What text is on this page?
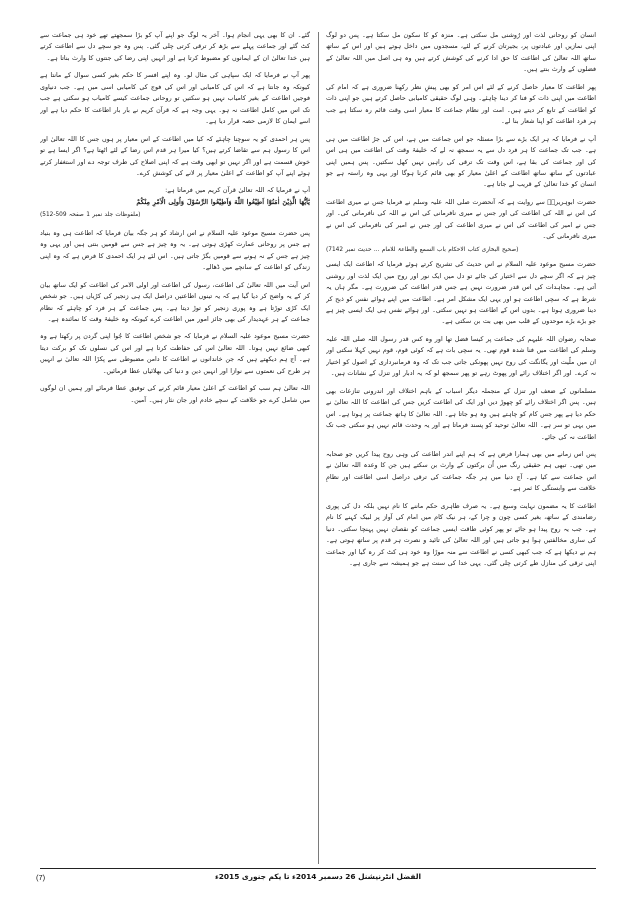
انسان کو روحانی لذت اور رُوشنی مل سکتی ہے۔ منزہ کو کا سکون مل سکتا ہے۔ پس دو لوگ اپنی نمازیں اور عبادتوں پر، بجیرتان کرنے کے لئے، مسجدوں میں داخل ہوتے ہیں اور اس کے ساتھ ساتھ اللہ تعالیٰ کی اطاعت کا حق ادا کرنے کی کوشش کرتے ہیں وہ ہی اصل میں اللہ تعالیٰ کے فضلوں کے وارث بنتے ہیں۔

پھر اطاعت کا معیار حاصل کرنے کے لئے اس امر کو بھی پیشِ نظر رکھنا ضروری ہے کہ امام کی اطاعت میں اپنی ذات کو فنا کر دینا چاہئے۔ وہی لوگ حقیقی کامیابی حاصل کرتے ہیں جو اپنی ذات کو اطاعت کے تابع کر دیتے ہیں۔ امت اور نظام جماعت کا معیار اسی وقت قائم رہ سکتا ہے جب ہر فرد اطاعت کو اپنا شعار بنا لے۔

آپ نے فرمایا کہ ہر ایک بڑے سے بڑا مسئلہ جو اس جماعت میں ہے، اس کی جڑ اطاعت میں ہی ہے۔ جب تک جماعت کا ہر فرد دل سے یہ سمجھ نہ لے کہ خلیفۂ وقت کی اطاعت میں ہی اس کی اور جماعت کی بقا ہے، اس وقت تک ترقی کی راہیں نہیں کھل سکتیں۔ پس ہمیں اپنی عبادتوں کے ساتھ ساتھ اطاعت کے اعلیٰ معیار کو بھی قائم کرنا ہوگا اور یہی وہ راستہ ہے جو انسان کو خدا تعالیٰ کے قریب لے جاتا ہے۔

حضرت ابوہریرہؓ سے روایت ہے کہ آنحضرت صلی اللہ علیہ وسلم نے فرمایا جس نے میری اطاعت کی اس نے اللہ کی اطاعت کی اور جس نے میری نافرمانی کی اس نے اللہ کی نافرمانی کی۔ اور جس نے امیر کی اطاعت کی اس نے میری اطاعت کی اور جس نے امیر کی نافرمانی کی اس نے میری نافرمانی کی۔

(صحیح البخاری کتاب الاحکام باب السمع والطاعۃ للامام ... حدیث نمبر 7142)

حضرت مسیح موعود علیہ السلام نے اس حدیث کی تشریح کرتے ہوئے فرمایا کہ اطاعت ایک ایسی چیز ہے کہ اگر سچے دل سے اختیار کی جائے تو دل میں ایک نور اور روح میں ایک لذت اور روشنی آتی ہے۔ مجاہدات کی اس قدر ضرورت نہیں ہے جس قدر اطاعت کی ضرورت ہے۔ مگر ہاں یہ شرط ہے کہ سچی اطاعت ہو اور یہی ایک مشکل امر ہے۔ اطاعت میں اپنے ہوائے نفس کو ذبح کر دینا ضروری ہوتا ہے۔ بدوں اس کے اطاعت ہو نہیں سکتی۔ اور ہوائے نفس ہی ایک ایسی چیز ہے جو بڑے بڑے موحدوں کے قلب میں بھی بت بن سکتی ہے۔

صحابہ رضوان اللہ علیہم کی جماعت پر کیسا فضل تھا اور وہ کس قدر رسول اللہ صلی اللہ علیہ وسلم کی اطاعت میں فنا شدہ قوم تھی۔ یہ سچی بات ہے کہ کوئی قوم، قوم نہیں کہلا سکتی اور ان میں ملّیت اور یگانگت کی روح نہیں پھونکی جاتی جب تک کہ وہ فرمانبرداری کے اصول کو اختیار نہ کرے۔ اور اگر اختلاف رائے اور پھوٹ رہے تو پھر سمجھ لو کہ یہ ادبار اور تنزل کے نشانات ہیں۔

مسلمانوں کے ضعف اور تنزل کے منجملہ دیگر اسباب کے باہم اختلاف اور اندرونی تنازعات بھی ہیں۔ پس اگر اختلاف رائے کو چھوڑ دیں اور ایک کی اطاعت کریں جس کی اطاعت کا اللہ تعالیٰ نے حکم دیا ہے پھر جس کام کو چاہتے ہیں وہ ہو جاتا ہے۔ اللہ تعالیٰ کا ہاتھ جماعت پر ہوتا ہے۔ اس میں یہی تو سر ہے۔ اللہ تعالیٰ توحید کو پسند فرماتا ہے اور یہ وحدت قائم نہیں ہو سکتی جب تک اطاعت نہ کی جائے۔

پس اس زمانے میں بھی ہمارا فرض ہے کہ ہم اپنے اندر اطاعت کی وہی روح پیدا کریں جو صحابہ میں تھی۔ تبھی ہم حقیقی رنگ میں اُن برکتوں کے وارث بن سکتے ہیں جن کا وعدہ اللہ تعالیٰ نے اس جماعت سے کیا ہے۔ آج دنیا میں ہر جگہ جماعت کی ترقی دراصل اسی اطاعت اور نظامِ خلافت سے وابستگی کا ثمر ہے۔

اطاعت کا یہ مضمون نہایت وسیع ہے۔ یہ صرف ظاہری حکم ماننے کا نام نہیں بلکہ دل کی پوری رضامندی کے ساتھ، بغیر کسی چون و چرا کے، ہر نیک کام میں امام کی آواز پر لبیک کہنے کا نام ہے۔ جب یہ روح پیدا ہو جائے تو پھر کوئی طاقت ایسی جماعت کو نقصان نہیں پہنچا سکتی۔ دنیا کی ساری مخالفتیں ہوا ہو جاتی ہیں اور اللہ تعالیٰ کی تائید و نصرت ہر قدم پر ساتھ ہوتی ہے۔ ہم نے دیکھا ہے کہ جب کبھی کسی نے اطاعت سے منہ موڑا وہ خود ہی کٹ کر رہ گیا اور جماعت اپنی ترقی کی منازل طے کرتی چلی گئی۔ یہی خدا کی سنت ہے جو ہمیشہ سے جاری ہے۔

گئے۔ ان کا بھی یہی انجام ہوا۔ آخر یہ لوگ جو اپنے آپ کو بڑا سمجھتے تھے خود ہی جماعت سے کٹ گئے اور جماعت پہلے سے بڑھ کر ترقی کرتی چلی گئی۔ پس وہ جو سچے دل سے اطاعت کرتے ہیں خدا تعالیٰ ان کے ایمانوں کو مضبوط کرتا ہے اور انہیں اپنی رضا کی جنتوں کا وارث بناتا ہے۔

پھر آپ نے فرمایا کہ ایک سپاہی کی مثال لو۔ وہ اپنے افسر کا حکم بغیر کسی سوال کے مانتا ہے کیونکہ وہ جانتا ہے کہ اس کی کامیابی اور اس کی فوج کی کامیابی اسی میں ہے۔ جب دنیاوی فوجیں اطاعت کے بغیر کامیاب نہیں ہو سکتیں تو روحانی جماعت کیسے کامیاب ہو سکتی ہے جب تک اس میں کامل اطاعت نہ ہو۔ یہی وجہ ہے کہ قرآن کریم نے بار بار اطاعت کا حکم دیا ہے اور اسے ایمان کا لازمی حصہ قرار دیا ہے۔

پس ہر احمدی کو یہ سوچنا چاہئے کہ کیا میں اطاعت کے اس معیار پر ہوں جس کا اللہ تعالیٰ اور اس کا رسول ہم سے تقاضا کرتے ہیں؟ کیا میرا ہر قدم اس رضا کے لئے اٹھتا ہے؟ اگر ایسا ہے تو خوش قسمت ہے اور اگر نہیں تو ابھی وقت ہے کہ اپنی اصلاح کی طرف توجہ دے اور استغفار کرتے ہوئے اپنے آپ کو اطاعت کے اعلیٰ معیار پر لانے کی کوشش کرے۔

آپ نے فرمایا کہ اللہ تعالیٰ قرآن کریم میں فرماتا ہے:

يٰٓاَيُّهَا الَّذِيْنَ اٰمَنُوْٓا اَطِيْعُوا اللّٰهَ وَاَطِيْعُوا الرَّسُوْلَ وَاُولِى الْاَمْرِ مِنْكُمْ
(ملفوظات جلد نمبر 1 صفحہ 509-512)

پس حضرت مسیح موعود علیہ السلام نے اس ارشاد کو ہر جگہ بیان فرمایا کہ اطاعت ہی وہ بنیاد ہے جس پر روحانی عمارت کھڑی ہوتی ہے۔ یہ وہ چیز ہے جس سے قومیں بنتی ہیں اور یہی وہ چیز ہے جس کے نہ ہونے سے قومیں بگڑ جاتی ہیں۔ اس لئے ہر ایک احمدی کا فرض ہے کہ وہ اپنی زندگی کو اطاعت کے سانچے میں ڈھالے۔

اس آیت میں اللہ تعالیٰ کی اطاعت، رسول کی اطاعت اور اولی الامر کی اطاعت کو ایک ساتھ بیان کر کے یہ واضح کر دیا گیا ہے کہ یہ تینوں اطاعتیں دراصل ایک ہی زنجیر کی کڑیاں ہیں۔ جو شخص ایک کڑی توڑتا ہے وہ پوری زنجیر کو توڑ دیتا ہے۔ پس جماعت کے ہر فرد کو چاہئے کہ نظام جماعت کے ہر عہدیدار کی بھی جائز امور میں اطاعت کرے کیونکہ وہ خلیفۂ وقت کا نمائندہ ہے۔

حضرت مسیح موعود علیہ السلام نے فرمایا کہ جو شخص اطاعت کا جُوا اپنی گردن پر رکھتا ہے وہ کبھی ضائع نہیں ہوتا۔ اللہ تعالیٰ اس کی حفاظت کرتا ہے اور اس کی نسلوں تک کو برکت دیتا ہے۔ آج ہم دیکھتے ہیں کہ جن خاندانوں نے اطاعت کا دامن مضبوطی سے پکڑا اللہ تعالیٰ نے انہیں ہر طرح کی نعمتوں سے نوازا اور انہیں دین و دنیا کی بھلائیاں عطا فرمائیں۔

اللہ تعالیٰ ہم سب کو اطاعت کے اعلیٰ معیار قائم کرنے کی توفیق عطا فرمائے اور ہمیں ان لوگوں میں شامل کرے جو خلافت کے سچے خادم اور جان نثار ہیں۔ آمین۔

الفضل انٹرنیشنل 26 دسمبر 2014ء تا یکم جنوری 2015ء
(7)
